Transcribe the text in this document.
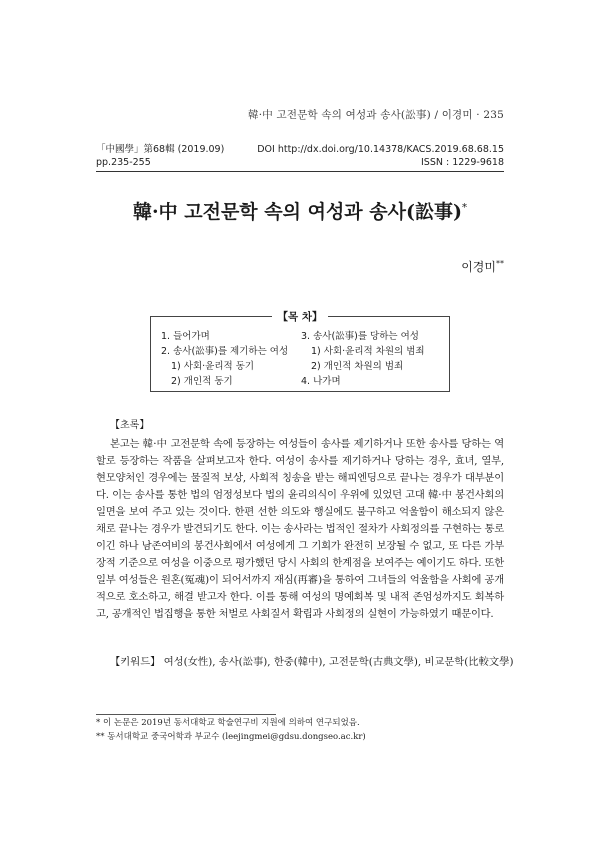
韓·中 고전문학 속의 여성과 송사(訟事) / 이경미 · 235
「中國學」第68輯 (2019.09)	DOI http://dx.doi.org/10.14378/KACS.2019.68.68.15
pp.235-255	ISSN : 1229-9618
韓·中 고전문학 속의 여성과 송사(訟事)*
이경미**
【목 차】
1. 들어가며
2. 송사(訟事)를 제기하는 여성
1) 사회·윤리적 동기
2) 개인적 동기
3. 송사(訟事)를 당하는 여성
1) 사회·윤리적 차원의 범죄
2) 개인적 차원의 범죄
4. 나가며
【초록】

본고는 韓·中 고전문학 속에 등장하는 여성들이 송사를 제기하거나 또한 송사를 당하는 역할로 등장하는 작품을 살펴보고자 한다. 여성이 송사를 제기하거나 당하는 경우, 효녀, 열부, 현모양처인 경우에는 물질적 보상, 사회적 칭송을 받는 해피엔딩으로 끝나는 경우가 대부분이다. 이는 송사를 통한 법의 엄정성보다 법의 윤리의식이 우위에 있었던 고대 韓·中 봉건사회의 일면을 보여 주고 있는 것이다. 한편 선한 의도와 행실에도 불구하고 억울함이 해소되지 않은 채로 끝나는 경우가 발견되기도 한다. 이는 송사라는 법적인 절차가 사회정의를 구현하는 통로이긴 하나 남존여비의 봉건사회에서 여성에게 그 기회가 완전히 보장될 수 없고, 또 다른 가부장적 기준으로 여성을 이중으로 평가했던 당시 사회의 한계점을 보여주는 예이기도 하다. 또한 일부 여성들은 원혼(冤魂)이 되어서까지 재심(再審)을 통하여 그녀들의 억울함을 사회에 공개적으로 호소하고, 해결 받고자 한다. 이를 통해 여성의 명예회복 및 내적 존엄성까지도 회복하고, 공개적인 법집행을 통한 처벌로 사회질서 확립과 사회정의 실현이 가능하였기 때문이다.

【키워드】 여성(女性), 송사(訟事), 한중(韓中), 고전문학(古典文學), 비교문학(比較文學)
* 이 논문은 2019년 동서대학교 학술연구비 지원에 의하여 연구되었음.
** 동서대학교 중국어학과 부교수 (leejingmei@gdsu.dongseo.ac.kr)
